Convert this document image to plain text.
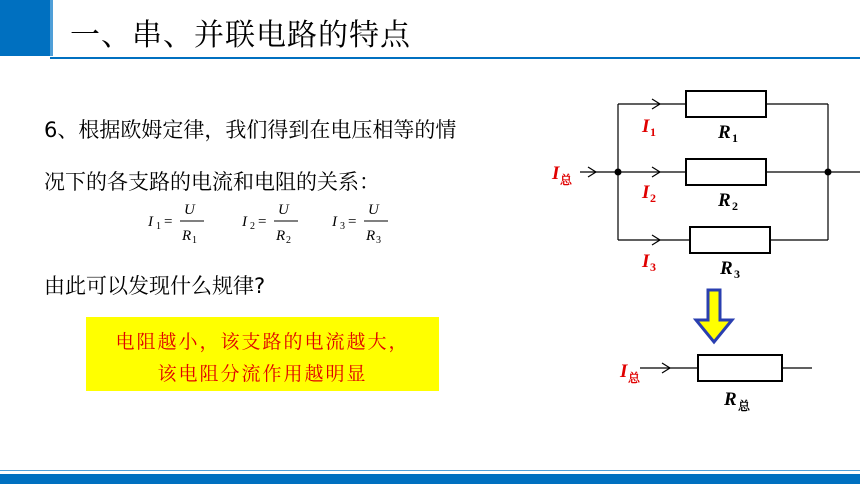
一、串、并联电路的特点
6、根据欧姆定律，我们得到在电压相等的情
况下的各支路的电流和电阻的关系：
I 1 =
U
R 1
I 2 =
U
R 2
I 3 =
U
R 3
由此可以发现什么规律?
电阻越小，该支路的电流越大，
该电阻分流作用越明显
I 总
I 1
I 2
I 3
R 1
R 2
R 3
I 总
R 总
